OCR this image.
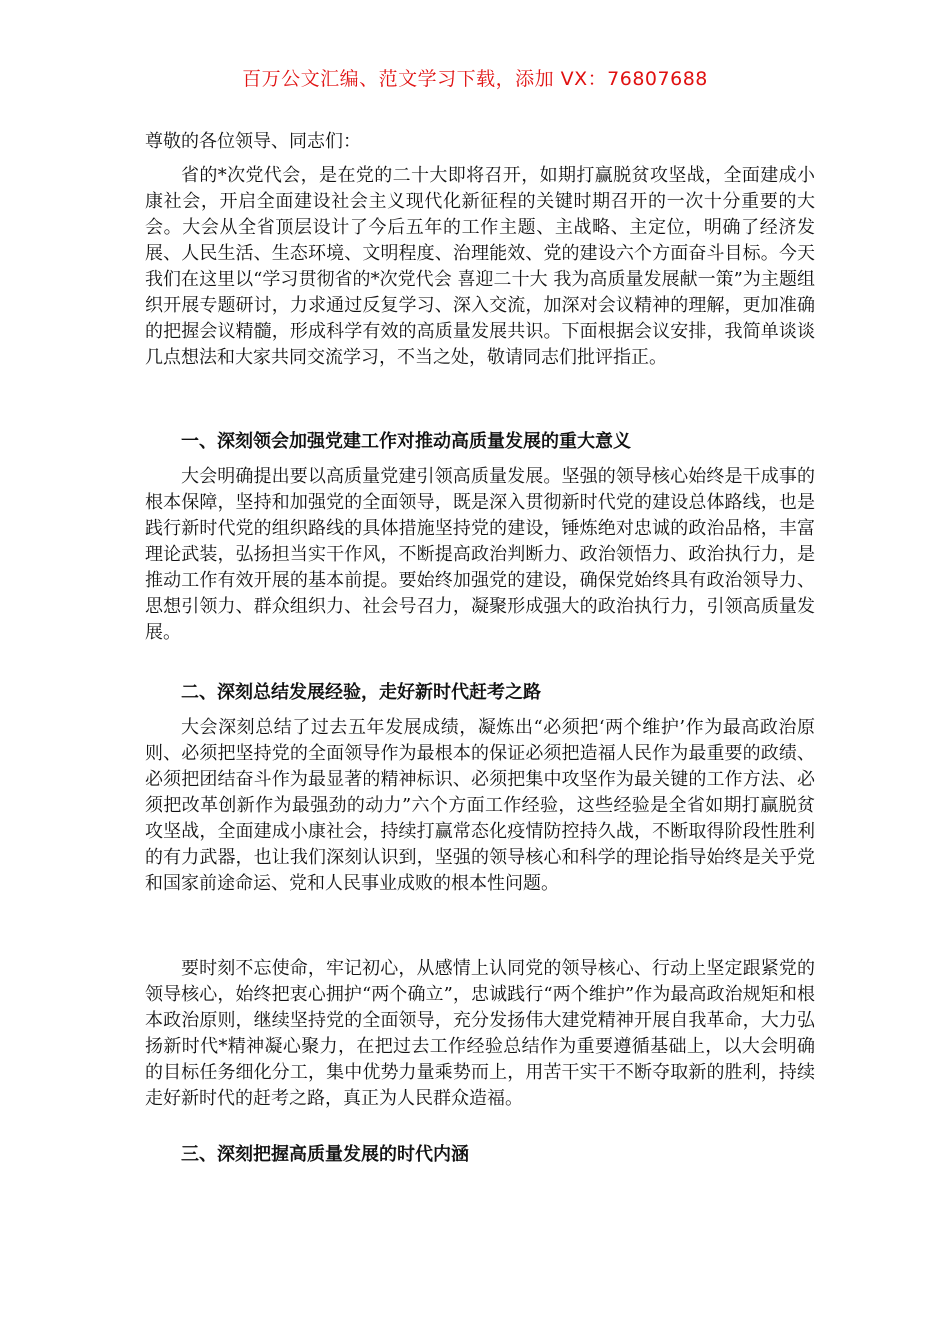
百万公文汇编、范文学习下载，添加 VX：76807688
尊敬的各位领导、同志们：

省的*次党代会，是在党的二十大即将召开，如期打赢脱贫攻坚战，全面建成小康社会，开启全面建设社会主义现代化新征程的关键时期召开的一次十分重要的大会。大会从全省顶层设计了今后五年的工作主题、主战略、主定位，明确了经济发展、人民生活、生态环境、文明程度、治理能效、党的建设六个方面奋斗目标。今天我们在这里以“学习贯彻省的*次党代会 喜迎二十大 我为高质量发展献一策”为主题组织开展专题研讨，力求通过反复学习、深入交流，加深对会议精神的理解，更加准确的把握会议精髓，形成科学有效的高质量发展共识。下面根据会议安排，我简单谈谈几点想法和大家共同交流学习，不当之处，敬请同志们批评指正。

一、深刻领会加强党建工作对推动高质量发展的重大意义

大会明确提出要以高质量党建引领高质量发展。坚强的领导核心始终是干成事的根本保障，坚持和加强党的全面领导，既是深入贯彻新时代党的建设总体路线，也是践行新时代党的组织路线的具体措施坚持党的建设，锤炼绝对忠诚的政治品格，丰富理论武装，弘扬担当实干作风，不断提高政治判断力、政治领悟力、政治执行力，是推动工作有效开展的基本前提。要始终加强党的建设，确保党始终具有政治领导力、思想引领力、群众组织力、社会号召力，凝聚形成强大的政治执行力，引领高质量发展。

二、深刻总结发展经验，走好新时代赶考之路

大会深刻总结了过去五年发展成绩，凝炼出“必须把‘两个维护’作为最高政治原则、必须把坚持党的全面领导作为最根本的保证必须把造福人民作为最重要的政绩、必须把团结奋斗作为最显著的精神标识、必须把集中攻坚作为最关键的工作方法、必须把改革创新作为最强劲的动力”六个方面工作经验，这些经验是全省如期打赢脱贫攻坚战，全面建成小康社会，持续打赢常态化疫情防控持久战，不断取得阶段性胜利的有力武器，也让我们深刻认识到，坚强的领导核心和科学的理论指导始终是关乎党和国家前途命运、党和人民事业成败的根本性问题。

要时刻不忘使命，牢记初心，从感情上认同党的领导核心、行动上坚定跟紧党的领导核心，始终把衷心拥护“两个确立”，忠诚践行“两个维护”作为最高政治规矩和根本政治原则，继续坚持党的全面领导，充分发扬伟大建党精神开展自我革命，大力弘扬新时代*精神凝心聚力，在把过去工作经验总结作为重要遵循基础上，以大会明确的目标任务细化分工，集中优势力量乘势而上，用苦干实干不断夺取新的胜利，持续走好新时代的赶考之路，真正为人民群众造福。

三、深刻把握高质量发展的时代内涵
